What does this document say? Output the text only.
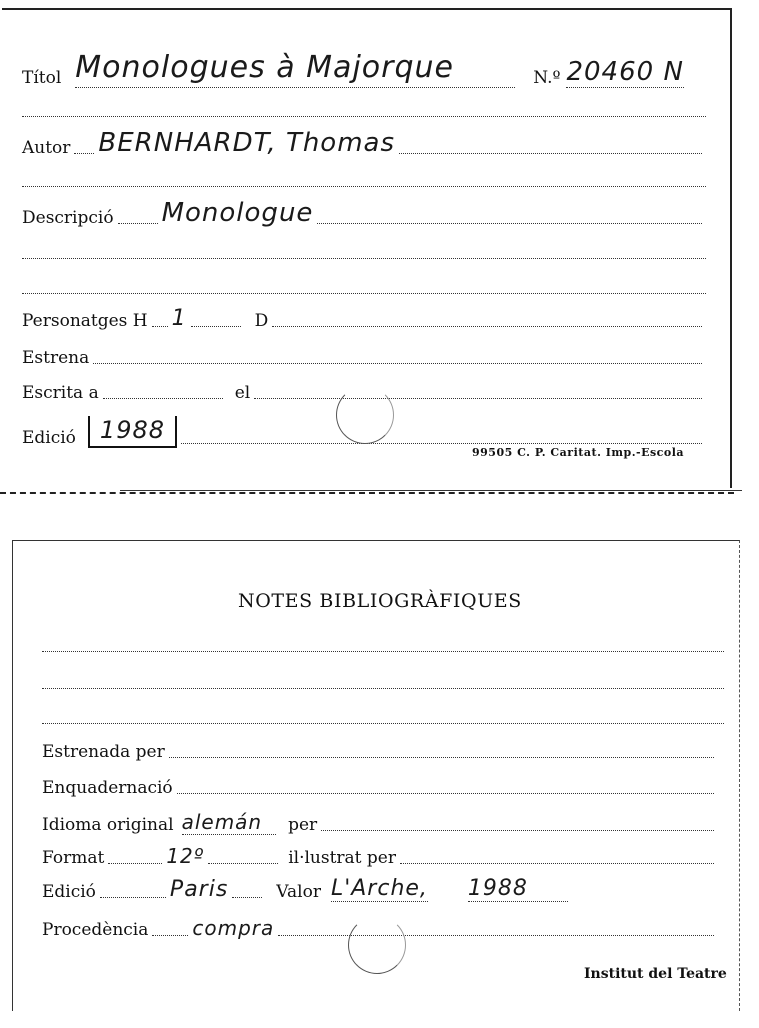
Títol Monologues à Majorque	N.º 20460 N
Autor BERNHARDT, Thomas
Descripció Monologue
Personatges H 1	D
Estrena
Escrita a	el
Edició	1988
99505 C. P. Caritat. Imp.-Escola
NOTES BIBLIOGRÀFIQUES
Estrenada per
Enquadernació
Idioma original alemán	per
Format	12º	il·lustrat per
Edició	Paris	Valor L'Arche, 1988
Procedència compra
Institut del Teatre
